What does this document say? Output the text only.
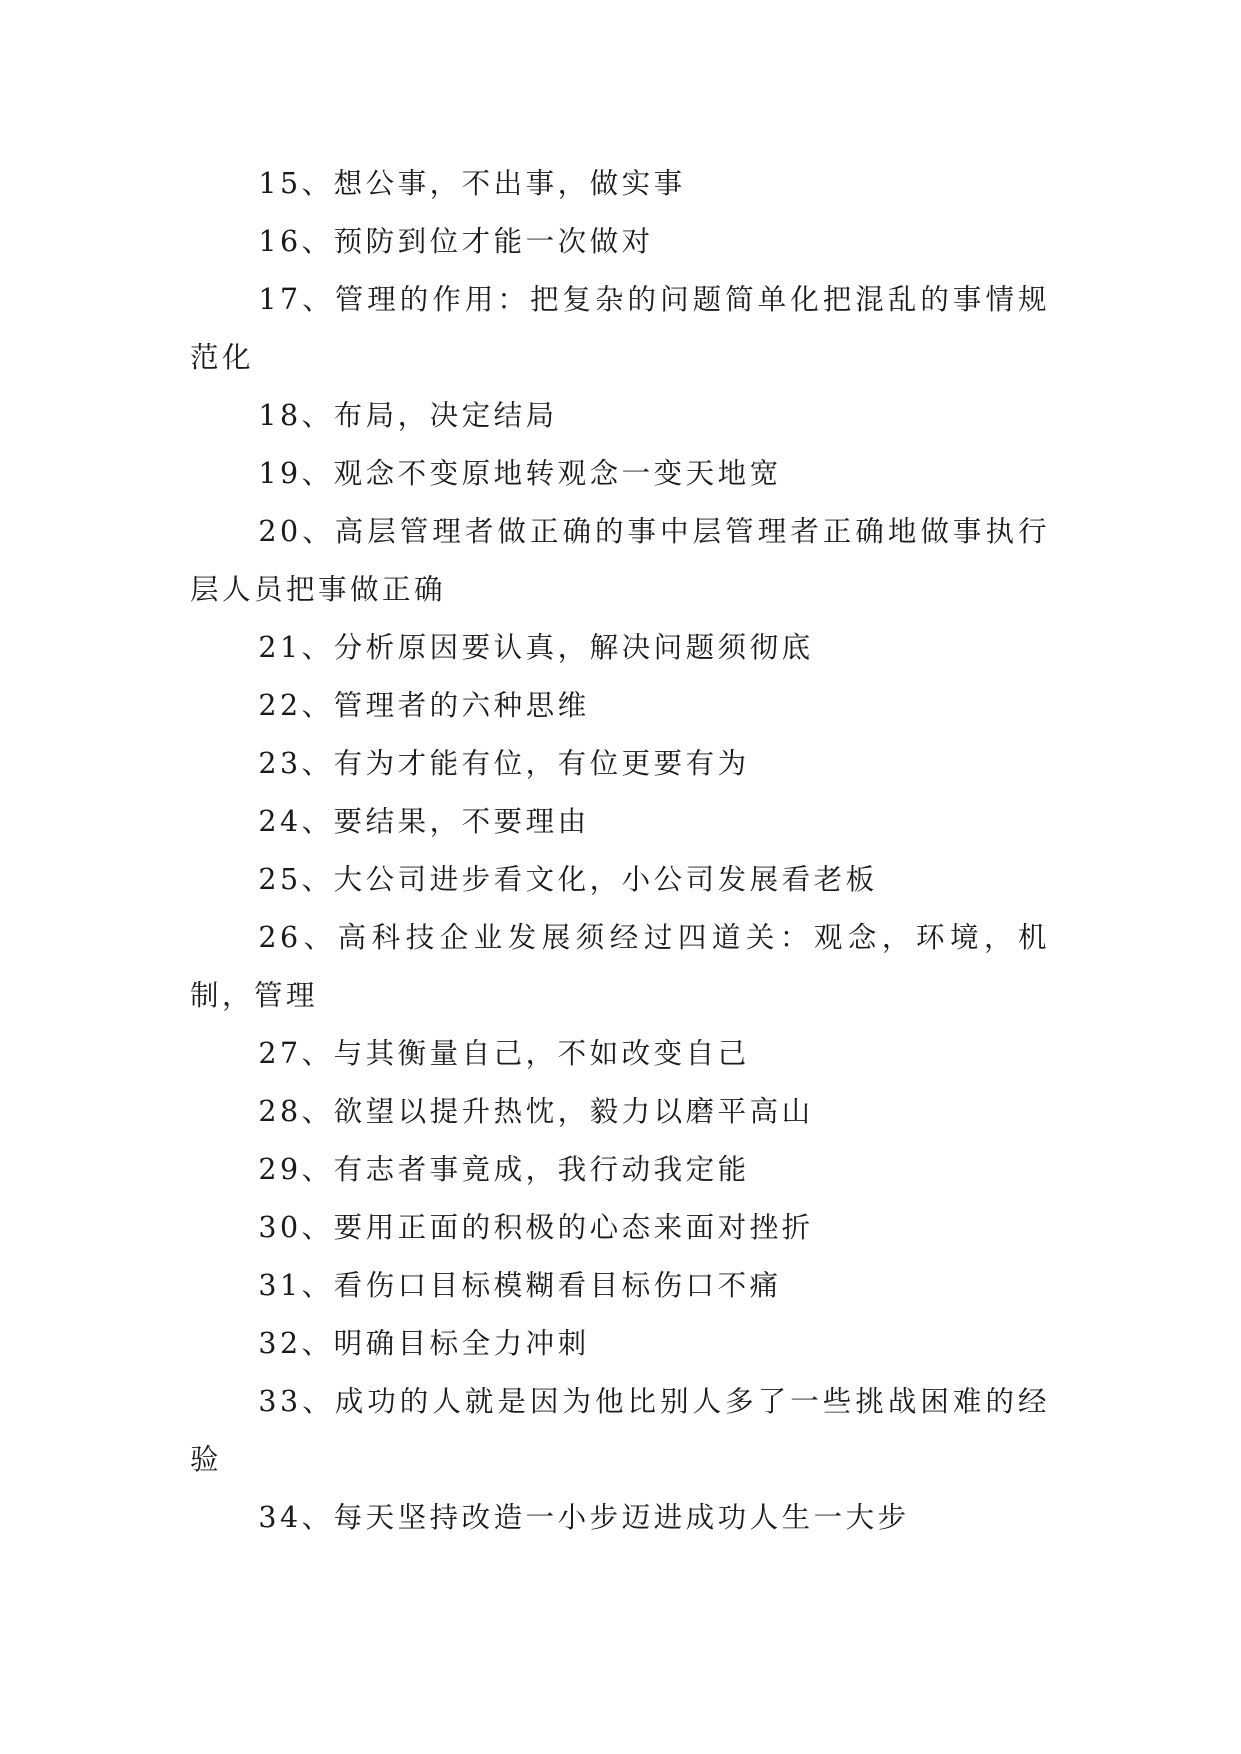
15、想公事，不出事，做实事

16、预防到位才能一次做对

17、管理的作用：把复杂的问题简单化把混乱的事情规范化

18、布局，决定结局

19、观念不变原地转观念一变天地宽

20、高层管理者做正确的事中层管理者正确地做事执行层人员把事做正确

21、分析原因要认真，解决问题须彻底

22、管理者的六种思维

23、有为才能有位，有位更要有为

24、要结果，不要理由

25、大公司进步看文化，小公司发展看老板

26、高科技企业发展须经过四道关：观念，环境，机制，管理

27、与其衡量自己，不如改变自己

28、欲望以提升热忱，毅力以磨平高山

29、有志者事竟成，我行动我定能

30、要用正面的积极的心态来面对挫折

31、看伤口目标模糊看目标伤口不痛

32、明确目标全力冲刺

33、成功的人就是因为他比别人多了一些挑战困难的经验

34、每天坚持改造一小步迈进成功人生一大步
